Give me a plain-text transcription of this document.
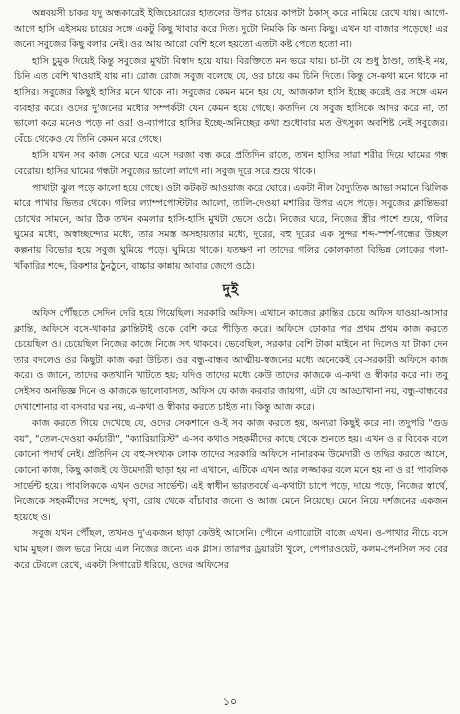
অন্নবয়সী চাকর যদু অন্ধকারেই ইজিচেয়ারের হাতলের উপর চায়ের কাপটা ঠকাস্ করে নামিয়ে রেখে যায়। আগে-আগে হাসি এইসময় চায়ের সঙ্গে একটু কিছু খাবার করে দিত। দুটো নিমকি কি অন্য কিছু। এখন যা বাজার পড়েছে! এর জন্যে সবুজের কিছু বলার নেই। ওর আয় আরো বেশি হলে হয়তো এতটা কষ্ট পেতে হতো না।

হাসি চুমুক দিয়েই কিন্তু সবুজের মুখটা বিস্বাদ হয়ে যায়। বিরক্তিতে মন ভরে যায়। চা-টা যে শুধু ঠাণ্ডা, তাই-ই নয়, চিনি এত বেশি খাওয়াই যায় না। রোজ রোজ সবুজ বলেছে যে, ওর চায়ে কম চিনি দিতে। কিন্তু সে-কথা মনে থাকে না হাসির। সবুজের কিছুই হাসির মনে থাকে না। সবুজের কেমন মনে হয় যে, আজকাল হাসি ইচ্ছে করেই ওর সঙ্গে এমন ব্যবহার করে। ওদের দু'জনের মধ্যের সম্পর্কটা যেন কেমন হয়ে গেছে। কতদিন যে সবুজ হাসিকে আদর করে না, তা ভালো করে মনেও পড়ে না ওর! ও-ব্যাপারে হাসির ইচ্ছে-অনিচ্ছের কথা শুধোবার মত ঔৎসুক্য অবশিষ্ট নেই সবুজের। বেঁচে থেকেও যে তিনি কেমন মরে গেছে।

হাসি যখন সব কাজ সেরে ঘরে এসে দরজা বন্ধ করে প্রতিদিন রাতে, তখন হাসির সারা শরীর দিয়ে ঘামের গন্ধ বেরোয়। হাসির ঘামের গন্ধটা সবুজের ভালো লাগে না। সবুজ দূরে সরে শুয়ে থাকে।

পাখাটা ঝুল পড়ে কালো হয়ে গেছে। ওটা কটকট আওয়াজ করে ঘোরে। একটা নীল বৈদ্যুতিক আভা সমানে ঝিলিক মারে পাখার ভিতর থেকে। গলির ল্যাম্পপোস্টটার আলো, তালি-দেওয়া মশারির উপর এসে পড়ে। সবুজের ক্লান্তিভরা চোখের সামনে, আর ঠিক তখন কমলার হাসি-হাসি মুখটা ভেসে ওঠে। নিজের ঘরে, নিজের স্ত্রীর পাশে শুয়ে, গলির ঘুমের মধ্যে, অস্বাচ্ছন্দ্যের মধ্যে, তার সমস্ত অসহায়তার মধ্যে, দূরের, বহু দূরের এক সুন্দর শব্দ-স্পর্শ-গন্ধের উচ্ছল কল্পনায় বিভোর হয়ে সবুজ ঘুমিয়ে পড়ে। ঘুমিয়ে থাকে। যতক্ষণ না তাদের গলির কোলকাতা বিভিন্ন লোকের গলা-খাঁকারির শব্দে, রিকশার ঠুনঠুনে, বাচ্চার কান্নায় আবার জেগে ওঠে।

দুই

অফিস পৌঁছতে সেদিন দেরি হয়ে গিয়েছিল। সরকারি অফিস। এখানে কাজের ক্লান্তির চেয়ে অফিস যাওয়া-আসার ক্লান্তি, অফিসে বসে-থাকার ক্লান্তিটাই ওকে বেশি করে পীড়িত করে। অফিসে ঢোকার পর প্রথম প্রথম কাজ করতে চেয়েছিল ও। চেয়েছিল নিজের কাজে নিজে সৎ থাকবে। ভেবেছিল, সরকার বেশি টাকা মাইনে না দিলেও যা টাকা দেন তার বদলেও ওর কিছুটা কাজ করা উচিত। ওর বন্ধু-বান্ধব আত্মীয়-স্বজনের মধ্যে অনেকেই বে-সরকারী অফিসে কাজ করে। ও জানে, তাদের কতখানি খাটতে হয়; যদিও তাদের মধ্যে কেউ তাদের কাজকে এ-কথা ও স্বীকার করে না। তবু সেইসব অনভিজ্ঞ দিনে ও কাজকে ভালোবাসত, অফিস যে কাজ করবার জায়গা, এটা যে আড্ডাখানা নয়, বন্ধু-বান্ধবের দেখাশোনার বা বসবার ঘর নয়, এ-কথা ও স্বীকার করতে চাইত না। কিন্তু আজ করে।

কাজ করতে গিয়ে দেখেছে যে, ওদের সেকশানে ও-ই সব কাজ করতে হয়, অন্যরা কিছুই করে না। তদুপরি "গুড বয়", "তেল-দেওয়া কর্মচারী", "ক্যারিয়ারিস্ট" এ-সব কথাও সহকর্মীদের কাছে থেকে শুনতে হয়। এখন ও র বিবেক বলে কোনো পদার্থ নেই। প্রতিদিন যে বহু-সংখ্যক লোক তাদের সরকারি অফিসে নানারকম উমেদারী ও তদ্বির করতে আসে, কোনো কাজ, কিছু কাজই যে উমেদারী ছাড়া হয় না এখানে, এটিকে এখন আর লজ্জাকর বলে মনে হয় না ও র! পাবলিক সার্ভেন্ট হয়ে। পাবলিককে এখন ওদের সার্ভেন্ট। এই স্বাধীন ভারতবর্ষে এ-কথাটা চাপে পড়ে, দায়ে পড়ে, নিজের স্বার্থে, নিজেকে সহকর্মীদের সন্দেহ, ঘৃণা, রোষ থেকে বাঁচাবার জন্যে ও আজ মেনে নিয়েছে। মেনে নিয়ে দর্শজনের একজন হয়েছে ও।

সবুজ যখন পৌঁছল, তখনও দু'একজন ছাড়া কেউই আসেনি। পৌনে এগারোটা বাজে এখন। ও-পাখার নীচে বসে ঘাম মুছল। জল ভরে নিয়ে এল নিজের জন্যে এক গ্লাস। তারপর ড্রয়ারটা খুলে, পেপারওয়েট, কলম-পেনসিল সব বের করে টেবলে রেখে, একটা সিগারেট ধরিয়ে, ওদের অফিসের

১০
